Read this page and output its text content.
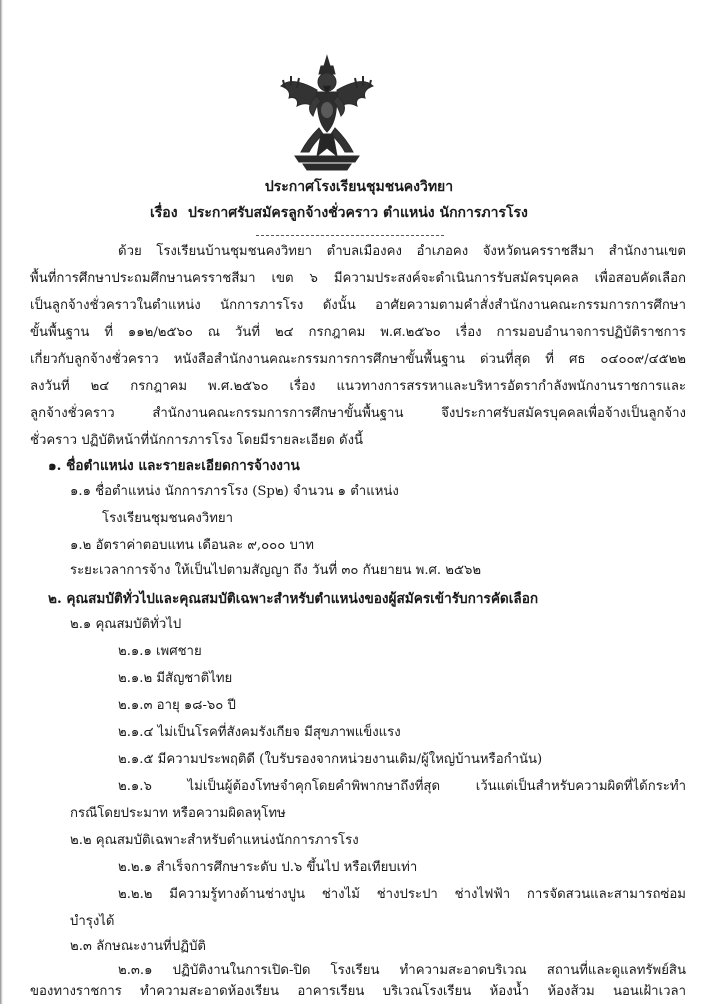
ประกาศโรงเรียนชุมชนคงวิทยา
เรื่อง ประกาศรับสมัครลูกจ้างชั่วคราว ตำแหน่ง นักการภารโรง
ด้วย โรงเรียนบ้านชุมชนคงวิทยา ตำบลเมืองคง อำเภอคง จังหวัดนครราชสีมา สำนักงานเขต
พื้นที่การศึกษาประถมศึกษานครราชสีมา เขต ๖ มีความประสงค์จะดำเนินการรับสมัครบุคคล เพื่อสอบคัดเลือก
เป็นลูกจ้างชั่วคราวในตำแหน่ง นักการภารโรง ดังนั้น อาศัยความตามคำสั่งสำนักงานคณะกรรมการการศึกษา
ขั้นพื้นฐาน ที่ ๑๑๒/๒๕๖๐ ณ วันที่ ๒๔ กรกฎาคม พ.ศ.๒๕๖๐ เรื่อง การมอบอำนาจการปฏิบัติราชการ
เกี่ยวกับลูกจ้างชั่วคราว หนังสือสำนักงานคณะกรรมการการศึกษาขั้นพื้นฐาน ด่วนที่สุด ที่ ศธ ๐๔๐๐๙/๔๕๒๒
ลงวันที่ ๒๔ กรกฎาคม พ.ศ.๒๕๖๐ เรื่อง แนวทางการสรรหาและบริหารอัตรากำลังพนักงานราชการและ
ลูกจ้างชั่วคราว สำนักงานคณะกรรมการการศึกษาขั้นพื้นฐาน จึงประกาศรับสมัครบุคคลเพื่อจ้างเป็นลูกจ้าง
ชั่วคราว ปฏิบัติหน้าที่นักการภารโรง โดยมีรายละเอียด ดังนี้
๑. ชื่อตำแหน่ง และรายละเอียดการจ้างงาน
๑.๑ ชื่อตำแหน่ง นักการภารโรง (Sp๒) จำนวน ๑ ตำแหน่ง
โรงเรียนชุมชนคงวิทยา
๑.๒ อัตราค่าตอบแทน เดือนละ ๙,๐๐๐ บาท
ระยะเวลาการจ้าง ให้เป็นไปตามสัญญา ถึง วันที่ ๓๐ กันยายน พ.ศ. ๒๕๖๒
๒. คุณสมบัติทั่วไปและคุณสมบัติเฉพาะสำหรับตำแหน่งของผู้สมัครเข้ารับการคัดเลือก
๒.๑ คุณสมบัติทั่วไป
๒.๑.๑ เพศชาย
๒.๑.๒ มีสัญชาติไทย
๒.๑.๓ อายุ ๑๘-๖๐ ปี
๒.๑.๔ ไม่เป็นโรคที่สังคมรังเกียจ มีสุขภาพแข็งแรง
๒.๑.๕ มีความประพฤติดี (ใบรับรองจากหน่วยงานเดิม/ผู้ใหญ่บ้านหรือกำนัน)
๒.๑.๖ ไม่เป็นผู้ต้องโทษจำคุกโดยคำพิพากษาถึงที่สุด เว้นแต่เป็นสำหรับความผิดที่ได้กระทำ
กรณีโดยประมาท หรือความผิดลหุโทษ
๒.๒ คุณสมบัติเฉพาะสำหรับตำแหน่งนักการภารโรง
๒.๒.๑ สำเร็จการศึกษาระดับ ป.๖ ขึ้นไป หรือเทียบเท่า
๒.๒.๒ มีความรู้ทางด้านช่างปูน ช่างไม้ ช่างประปา ช่างไฟฟ้า การจัดสวนและสามารถซ่อม
บำรุงได้
๒.๓ ลักษณะงานที่ปฏิบัติ
๒.๓.๑ ปฏิบัติงานในการเปิด-ปิด โรงเรียน ทำความสะอาดบริเวณ สถานที่และดูแลทรัพย์สิน
ของทางราชการ ทำความสะอาดห้องเรียน อาคารเรียน บริเวณโรงเรียน ห้องน้ำ ห้องส้วม นอนเฝ้าเวลา
